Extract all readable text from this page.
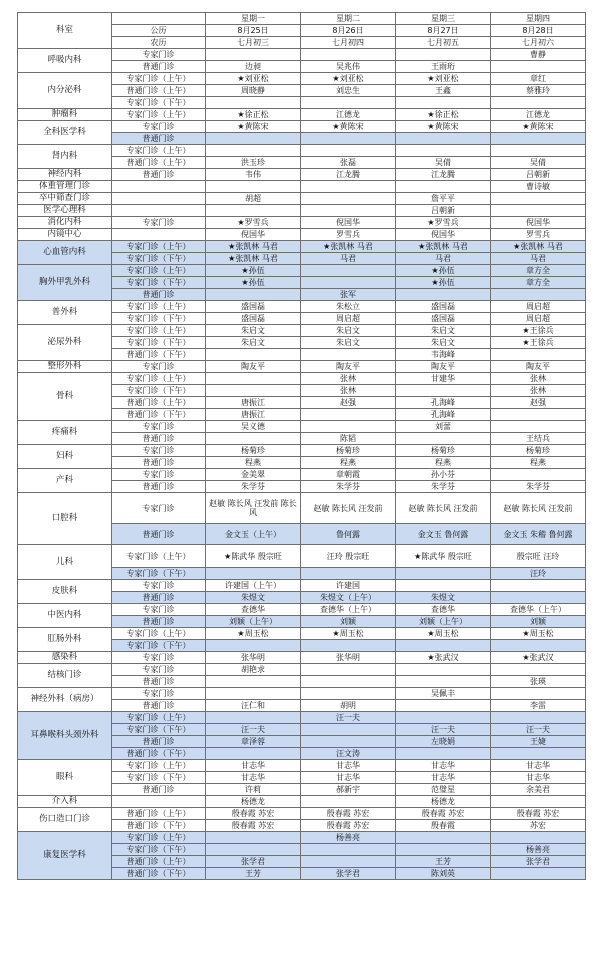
科室		星期一	星期二	星期三	星期四
	公历	8月25日	8月26日	8月27日	8月28日
	农历	七月初三	七月初四	七月初五	七月初六
呼吸内科	专家门诊				曹静
	普通门诊	边昶	吴兆伟	王雨珩	
内分泌科	专家门诊（上午）	★刘亚松	★刘亚松	★刘亚松	章红
	普通门诊（上午）	周晓静	刘忠生	王鑫	蔡雅玲
	专家门诊（下午）				
肿瘤科	专家门诊（上午）	★徐正松	江德龙	★徐正松	江德龙
全科医学科	专家门诊	★黄陈宋	★黄陈宋	★黄陈宋	★黄陈宋
	普通门诊				
肾内科	专家门诊（上午）				
	普通门诊（上午）	洪玉珍	张磊	吴倩	吴倩
神经内科	普通门诊	韦伟	江龙腾	江龙腾	吕朝新
体重管理门诊					曹诗敏
卒中筛查门诊		胡超		詹平平	
医学心理科				吕朝新	
消化内科	专家门诊	★罗雪兵	倪国华	★罗雪兵	倪国华
内镜中心		倪国华	罗雪兵	倪国华	罗雪兵
心血管内科	专家门诊（上午）	★张凯林 马君	★张凯林 马君	★张凯林 马君	★张凯林 马君
	专家门诊（下午）	★张凯林 马君	马君	马君	马君
胸外甲乳外科	专家门诊（上午）	★孙伍		★孙伍	章方全
	专家门诊（下午）	★孙伍		★孙伍	章方全
	普通门诊		张军		
普外科	专家门诊（上午）	盛国磊	朱松立	盛国磊	周启超
	专家门诊（下午）	盛国磊	周启超	盛国磊	周启超
泌尿外科	专家门诊（上午）	朱启文	朱启文	朱启文	★王徐兵
	专家门诊（下午）	朱启文	朱启文	朱启文	★王徐兵
	普通门诊（下午）			韦海峰	
整形外科	专家门诊	陶友平	陶友平	陶友平	陶友平
骨科	专家门诊（上午）		张林	甘建华	张林
	专家门诊（下午）		张林		张林
	普通门诊（上午）	唐振江	赵强	孔海峰	赵强
	普通门诊（下午）	唐振江		孔海峰	
疼痛科	专家门诊	吴义德		刘蕾	
	普通门诊		陈韬		王结兵
妇科	专家门诊	杨菊珍	杨菊珍	杨菊珍	杨菊珍
	普通门诊	程燕	程燕	程燕	程燕
产科	专家门诊	金美翠	章朝霞	孙小芬	
	普通门诊	朱学芬	朱学芬	朱学芬	朱学芬
口腔科	专家门诊	赵敏 陈长风 汪发前 陈长风	赵敏 陈长风 汪发前	赵敏 陈长风 汪发前	赵敏 陈长风 汪发前
	普通门诊	金文玉（上午）	鲁何露	金文玉 鲁何露	金文玉 朱稽 鲁何露
儿科	专家门诊（上午）	★陈武华 殷宗旺	汪玲 殷宗旺	★陈武华 殷宗旺	殷宗旺 汪玲
	专家门诊（下午）				汪玲
皮肤科	专家门诊	许建国（上午）	许建国		
	普通门诊	朱煜文	朱煜文（上午）	朱煜文	
中医内科	专家门诊	查德华	查德华（上午）	查德华	查德华（上午）
	普通门诊	刘颖（上午）	刘颖	刘颖（上午）	刘颖
肛肠外科	专家门诊（上午）	★周玉松	★周玉松	★周玉松	★周玉松
	专家门诊（下午）				
感染科	专家门诊	张华明	张华明	★张武汉	★张武汉
结核门诊	专家门诊	胡艳求			
	普通门诊				张瑛
神经外科（病房）	专家门诊			吴佩丰	
	普通门诊	汪仁和	胡明		李雷
耳鼻喉科头颈外科	专家门诊（上午）		汪一夫		
	专家门诊（下午）	汪一夫		汪一夫	汪一夫
	普通门诊	章泽蓉		左晓娟	王婕
	普通门诊（下午）		汪文涛		
眼科	专家门诊（上午）	甘志华	甘志华	甘志华	甘志华
	专家门诊（下午）	甘志华	甘志华	甘志华	甘志华
	普通门诊	许莉	郝新宇	范璧星	余美君
介入科		杨德龙		杨德龙	
伤口造口门诊	普通门诊（上午）	殷春霞 苏宏	殷春霞 苏宏	殷春霞 苏宏	殷春霞 苏宏
	普通门诊（下午）	殷春霞 苏宏	殷春霞 苏宏	殷春霞	苏宏
康复医学科	专家门诊（上午）		杨善亮		
	专家门诊（下午）				杨善亮
	普通门诊（上午）	张学君		王芳	张学君
	普通门诊（下午）	王芳	张学君	陈刘英	
